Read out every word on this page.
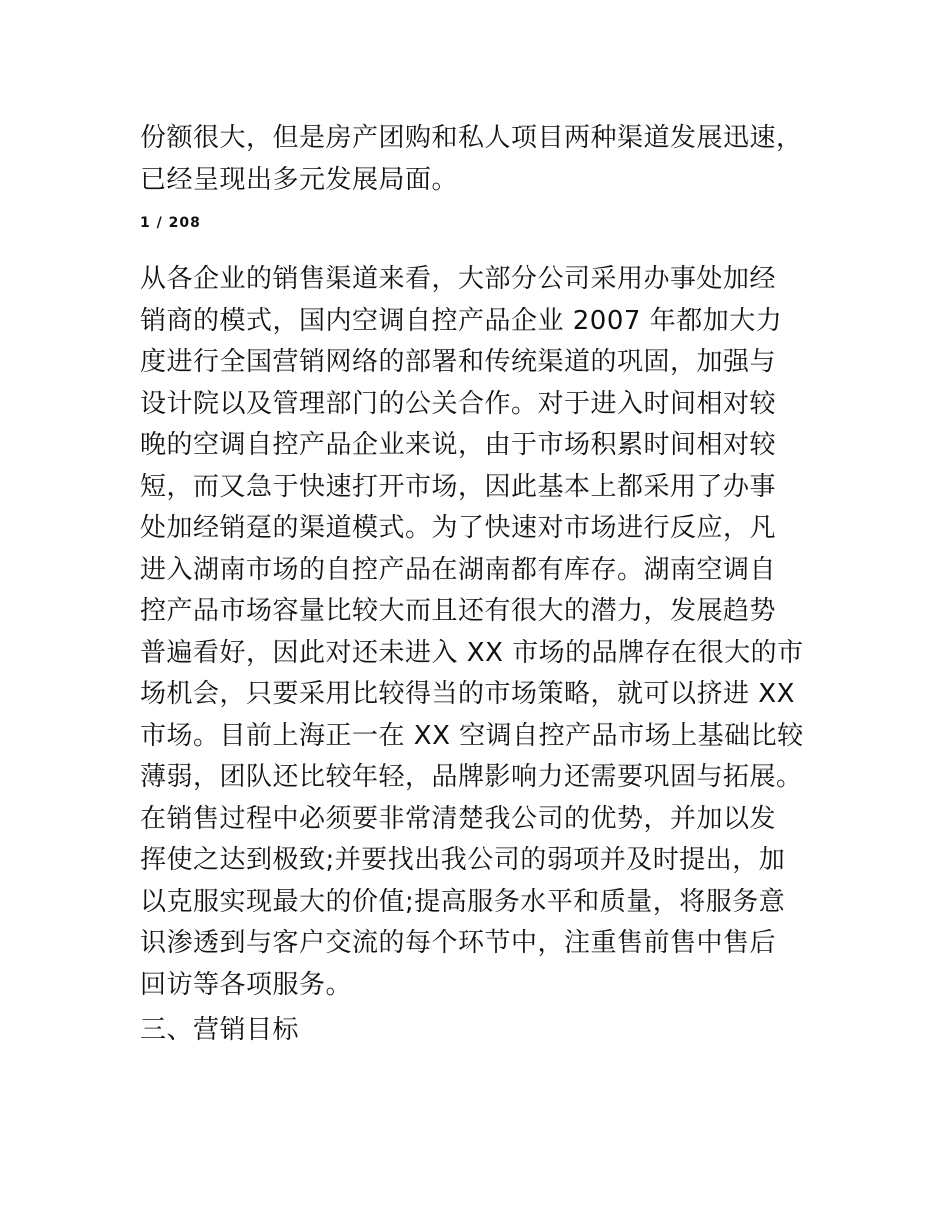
份额很大，但是房产团购和私人项目两种渠道发展迅速，
已经呈现出多元发展局面。
1 / 208
从各企业的销售渠道来看，大部分公司采用办事处加经
销商的模式，国内空调自控产品企业 2007 年都加大力
度进行全国营销网络的部署和传统渠道的巩固，加强与
设计院以及管理部门的公关合作。对于进入时间相对较
晚的空调自控产品企业来说，由于市场积累时间相对较
短，而又急于快速打开市场，因此基本上都采用了办事
处加经销趸的渠道模式。为了快速对市场进行反应，凡
进入湖南市场的自控产品在湖南都有库存。湖南空调自
控产品市场容量比较大而且还有很大的潜力，发展趋势
普遍看好，因此对还未进入 XX 市场的品牌存在很大的市
场机会，只要采用比较得当的市场策略，就可以挤进 XX
市场。目前上海正一在 XX 空调自控产品市场上基础比较
薄弱，团队还比较年轻，品牌影响力还需要巩固与拓展。
在销售过程中必须要非常清楚我公司的优势，并加以发
挥使之达到极致;并要找出我公司的弱项并及时提出，加
以克服实现最大的价值;提高服务水平和质量，将服务意
识渗透到与客户交流的每个环节中，注重售前售中售后
回访等各项服务。
三、营销目标
